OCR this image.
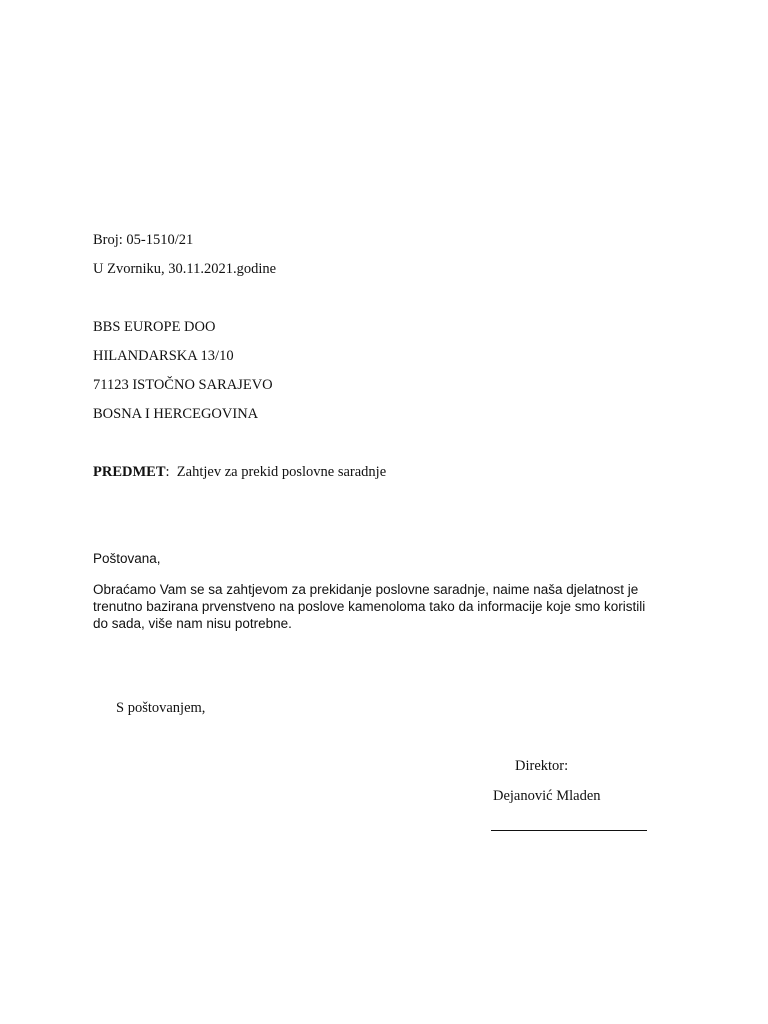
Broj: 05-1510/21
U Zvorniku, 30.11.2021.godine
BBS EUROPE DOO
HILANDARSKA 13/10
71123 ISTOČNO SARAJEVO
BOSNA I HERCEGOVINA
PREDMET: Zahtjev za prekid poslovne saradnje
Poštovana,
Obraćamo Vam se sa zahtjevom za prekidanje poslovne saradnje, naime naša djelatnost je
trenutno bazirana prvenstveno na poslove kamenoloma tako da informacije koje smo koristili
do sada, više nam nisu potrebne.
S poštovanjem,
Direktor:
Dejanović Mladen
